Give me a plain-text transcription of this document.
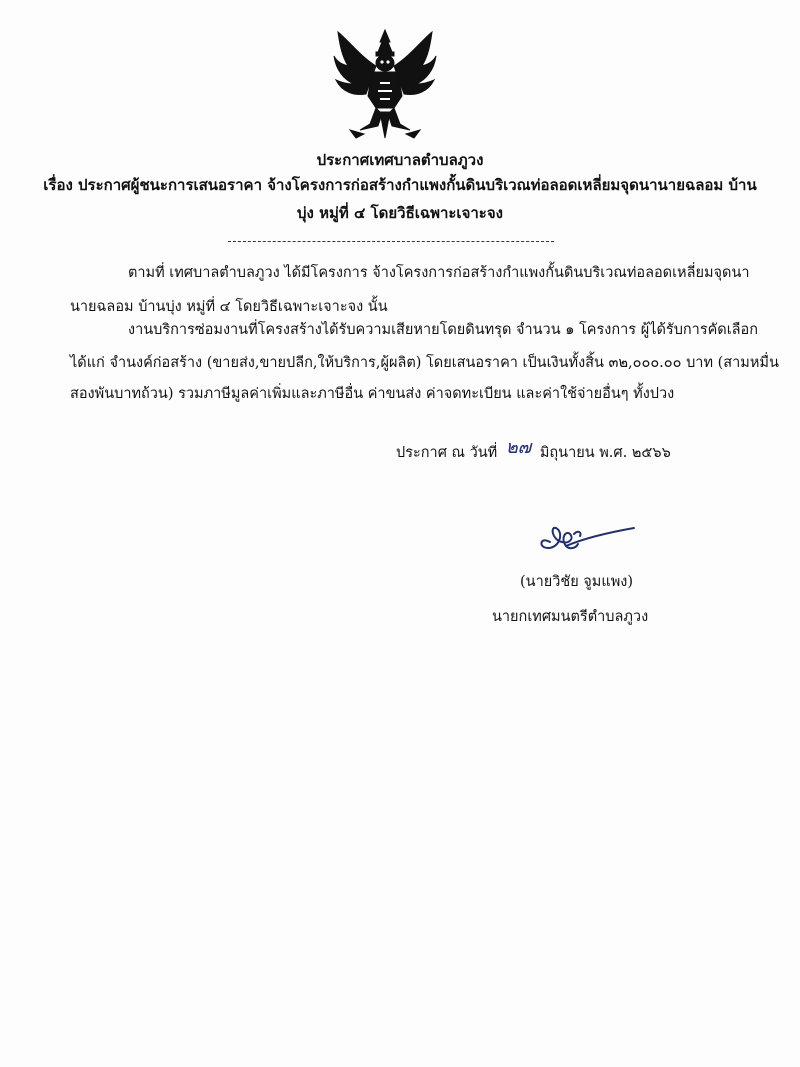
ประกาศเทศบาลตำบลภูวง
เรื่อง ประกาศผู้ชนะการเสนอราคา จ้างโครงการก่อสร้างกำแพงกั้นดินบริเวณท่อลอดเหลี่ยมจุดนานายฉลอม บ้าน
บุ่ง หมู่ที่ ๔ โดยวิธีเฉพาะเจาะจง
ตามที่ เทศบาลตำบลภูวง ได้มีโครงการ จ้างโครงการก่อสร้างกำแพงกั้นดินบริเวณท่อลอดเหลี่ยมจุดนา
นายฉลอม บ้านบุ่ง หมู่ที่ ๔ โดยวิธีเฉพาะเจาะจง นั้น
งานบริการซ่อมงานที่โครงสร้างได้รับความเสียหายโดยดินทรุด จำนวน ๑ โครงการ ผู้ได้รับการคัดเลือก
ได้แก่ จำนงค์ก่อสร้าง (ขายส่ง,ขายปลีก,ให้บริการ,ผู้ผลิต) โดยเสนอราคา เป็นเงินทั้งสิ้น ๓๒,๐๐๐.๐๐ บาท (สามหมื่น
สองพันบาทถ้วน) รวมภาษีมูลค่าเพิ่มและภาษีอื่น ค่าขนส่ง ค่าจดทะเบียน และค่าใช้จ่ายอื่นๆ ทั้งปวง
ประกาศ ณ วันที่ ๒๗ มิถุนายน พ.ศ. ๒๕๖๖
(นายวิชัย จูมแพง)
นายกเทศมนตรีตำบลภูวง
